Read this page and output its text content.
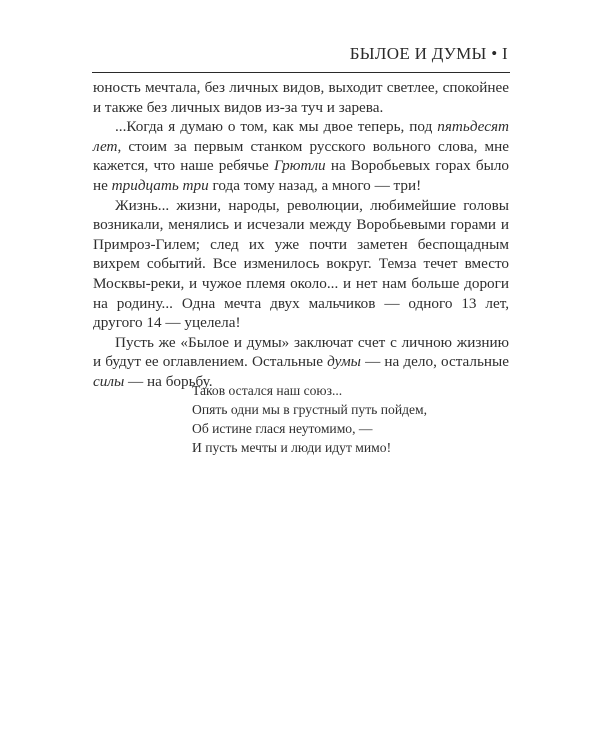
БЫЛОЕ И ДУМЫ • I

юность мечтала, без личных видов, выходит светлее, спокойнее и также без личных видов из-за туч и зарева.

...Когда я думаю о том, как мы двое теперь, под пятьдесят лет, стоим за первым станком русского вольного слова, мне кажется, что наше ребячье Грютли на Воробьевых горах было не тридцать три года тому назад, а много — три!

Жизнь... жизни, народы, революции, любимейшие головы возникали, менялись и исчезали между Воробьевыми горами и Примроз-Гилем; след их уже почти заметен беспощадным вихрем событий. Все изменилось вокруг. Темза течет вместо Москвы-реки, и чужое племя около... и нет нам больше дороги на родину... Одна мечта двух мальчиков — одного 13 лет, другого 14 — уцелела!

Пусть же «Былое и думы» заключат счет с личною жизнию и будут ее оглавлением. Остальные думы — на дело, остальные силы — на борьбу.

Таков остался наш союз...
Опять одни мы в грустный путь пойдем,
Об истине глася неутомимо, —
И пусть мечты и люди идут мимо!
